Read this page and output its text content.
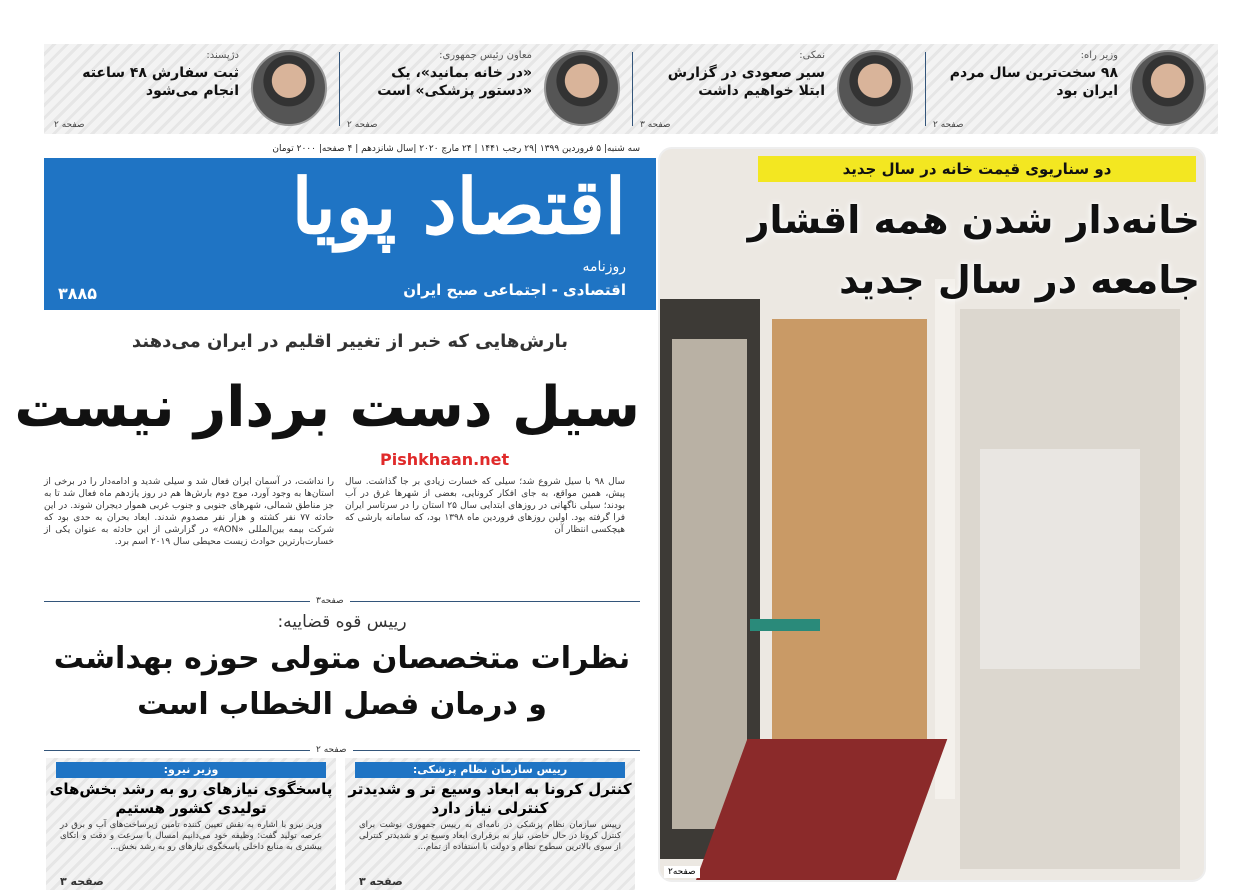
وزیر راه:
۹۸ سخت‌ترین سال مردم ایران بود
صفحه ۲
نمکی:
سیر صعودی در گزارش ابتلا خواهیم داشت
صفحه ۳
معاون رئیس جمهوری:
«در خانه بمانید»، یک «دستور پزشکی» است
صفحه ۲
دژپسند:
ثبت سفارش ۴۸ ساعته انجام می‌شود
صفحه ۲
سه شنبه| ۵ فروردین ۱۳۹۹ |۲۹ رجب ۱۴۴۱ | ۲۴ مارچ ۲۰۲۰ |سال شانزدهم | ۴ صفحه| ۲۰۰۰ تومان
اقتصاد پویا
روزنامه
اقتصادی - اجتماعی صبح ایران
۳۸۸۵
بارش‌هایی که خبر از تغییر اقلیم در ایران می‌دهند
سیل دست بردار نیست
Pishkhaan.net
سال ۹۸ با سیل شروع شد؛ سیلی که خسارت زیادی بر جا گذاشت. سال پیش، همین مواقع، به جای افکار کرونایی، بعضی از شهرها غرق در آب بودند؛ سیلی ناگهانی در روزهای ابتدایی سال ۲۵ استان را در سرتاسر ایران فرا گرفته بود. اولین روزهای فروردین ماه ۱۳۹۸ بود، که سامانه بارشی که هیچکسی انتظار آن
را نداشت، در آسمان ایران فعال شد و سیلی شدید و ادامه‌دار را در برخی از استان‌ها به وجود آورد، موج دوم بارش‌ها هم در روز یازدهم ماه فعال شد تا به جز مناطق شمالی، شهرهای جنوبی و جنوب غربی هموار دیجران شوند. در این حادثه ۷۷ نفر کشته و هزار نفر مصدوم شدند. ابعاد بحران به حدی بود که شرکت بیمه بین‌المللی «AON» در گزارشی از این حادثه به عنوان یکی از خسارت‌بارترین حوادث زیست محیطی سال ۲۰۱۹ اسم برد.
صفحه۳
رییس قوه قضاییه:
نظرات متخصصان متولی حوزه بهداشت و درمان فصل الخطاب است
صفحه ۲
رییس سازمان نظام پزشکی:
کنترل کرونا به ابعاد وسیع تر و شدیدتر کنترلی نیاز دارد
رییس سازمان نظام پزشکی در نامه‌ای به رییس جمهوری نوشت برای کنترل کرونا در حال حاضر، نیاز به برقراری ابعاد وسیع تر و شدیدتر کنترلی از سوی بالاترین سطوح نظام و دولت با استفاده از تمام...
صفحه ۳
وزیر نیرو:
پاسخگوی نیازهای رو به رشد بخش‌های تولیدی کشور هستیم
وزیر نیرو با اشاره به نقش تعیین کننده تامین زیرساخت‌های آب و برق در عرصه تولید گفت: وظیفه خود می‌دانیم امسال با سرعت و دقت و اتکای بیشتری به منابع داخلی پاسخگوی نیازهای رو به رشد بخش...
صفحه ۳
دو سناریوی قیمت خانه در سال جدید
خانه‌دار شدن همه اقشار جامعه در سال جدید
صفحه۲
